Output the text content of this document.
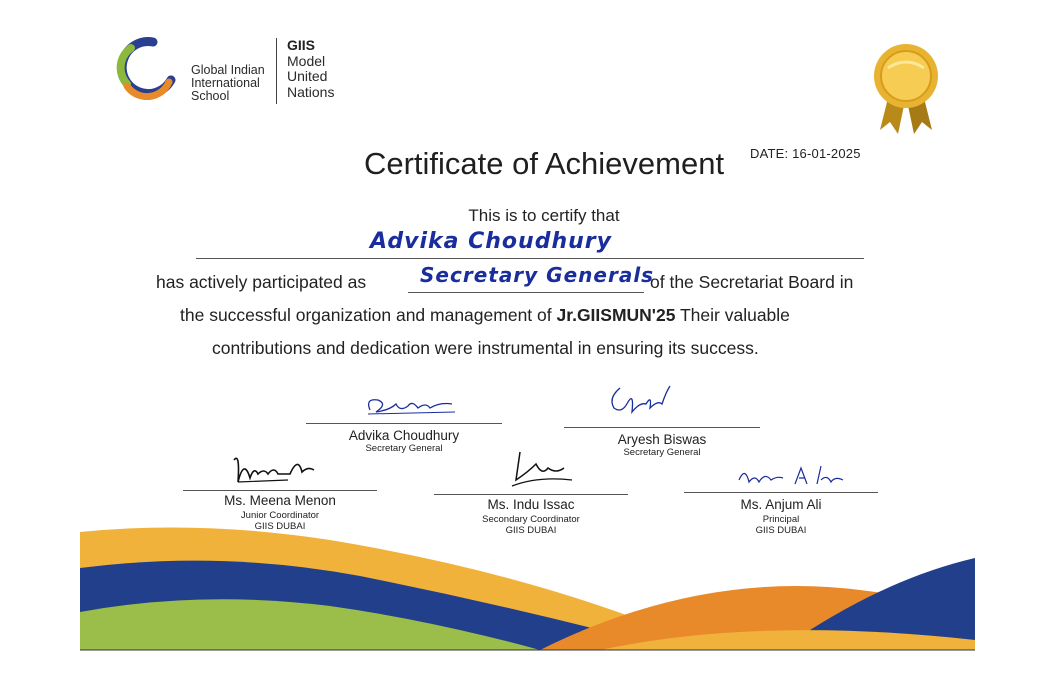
Global Indian
International
School
GIIS
Model
United
Nations
Certificate of Achievement	DATE: 16-01-2025
This is to certify that
Advika Choudhury
has actively participated as	Secretary Generals
of the Secretariat Board in
the successful organization and management of Jr.GIISMUN'25 Their valuable
contributions and dedication were instrumental in ensuring its success.
Advika Choudhury
Secretary General
Aryesh Biswas
Secretary General
Ms. Meena Menon
Junior Coordinator
GIIS DUBAI
Ms. Indu Issac
Secondary Coordinator
GIIS DUBAI
Ms. Anjum Ali
Principal
GIIS DUBAI
